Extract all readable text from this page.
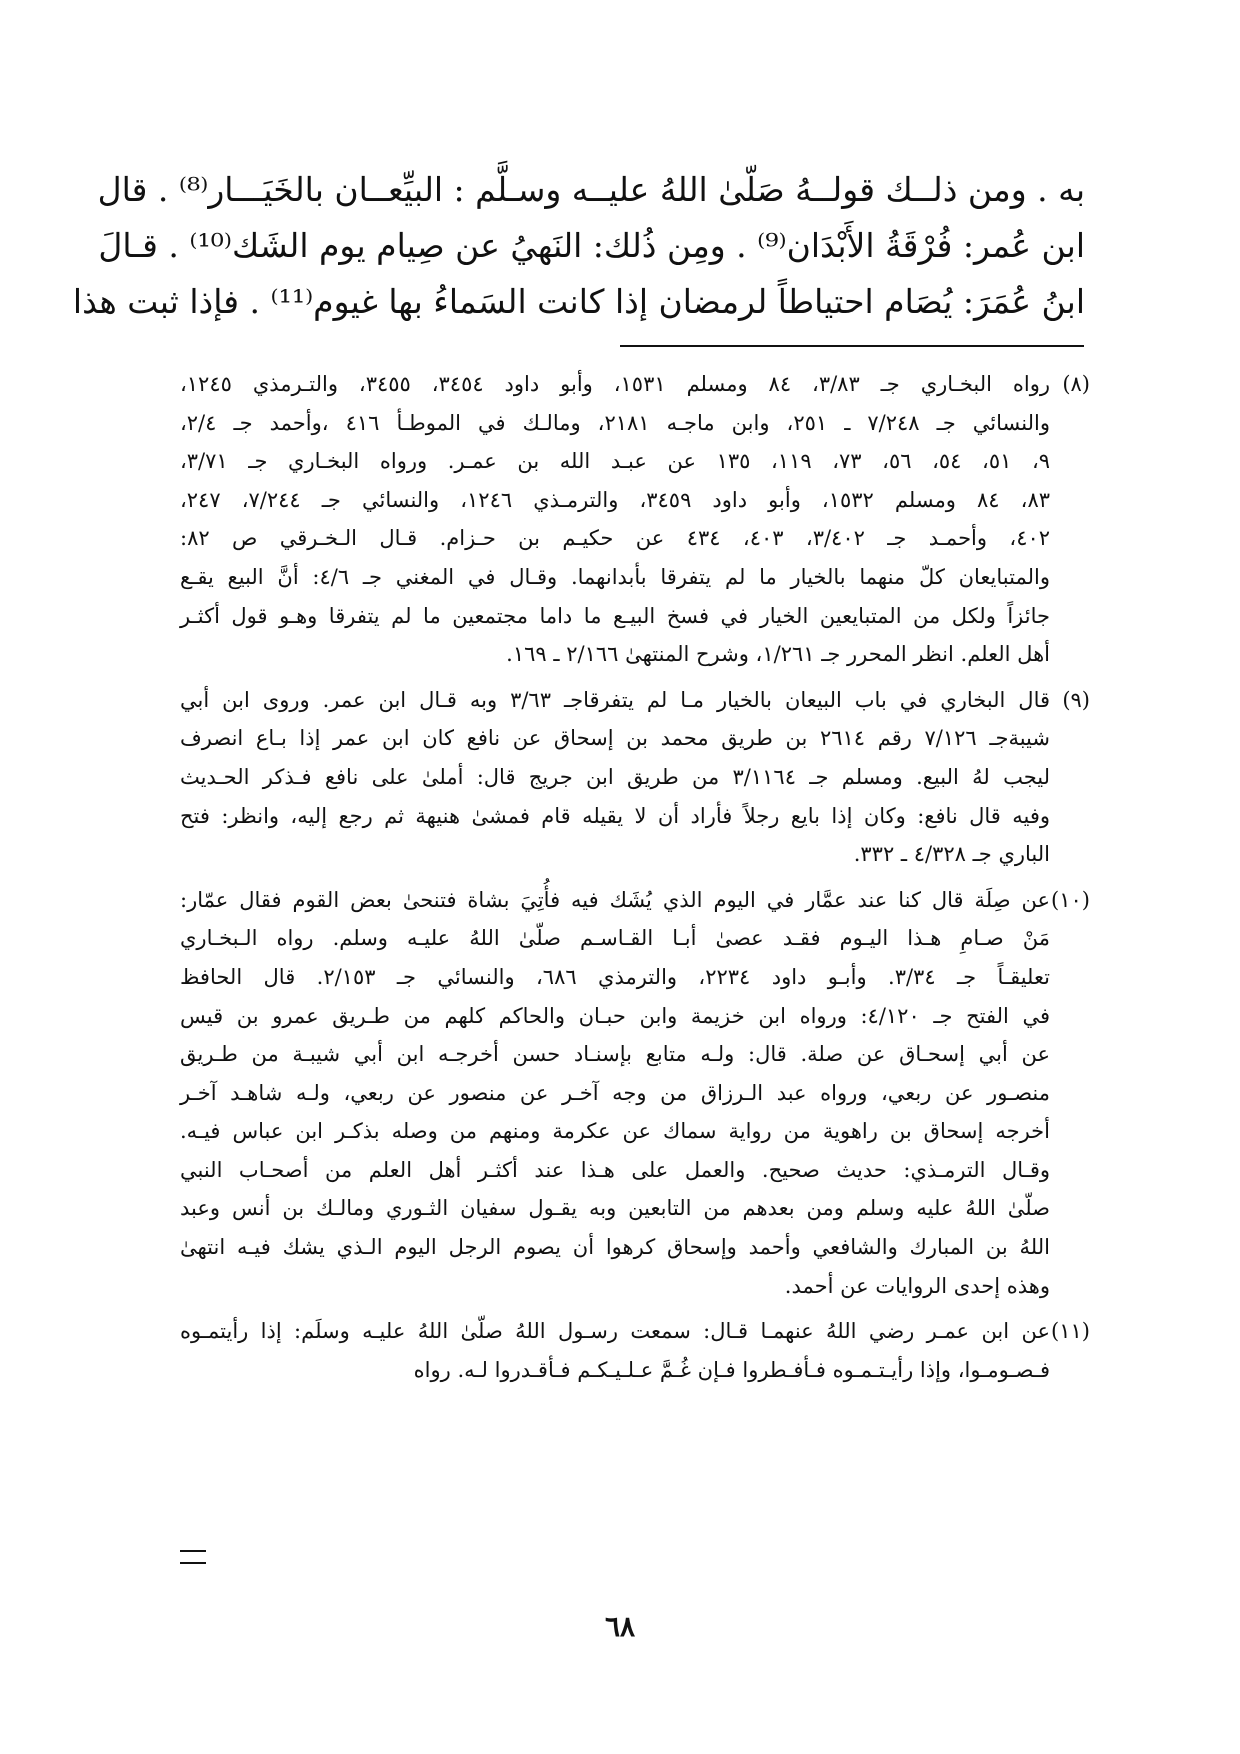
به . ومن ذلــك قولــهُ صَلّىٰ اللهُ عليــه وسـلَّم : البيِّعــان بالخَيَـــار⁽⁸⁾ . قال
ابن عُمر: فُرْقَةُ الأَبْدَان⁽⁹⁾ . ومِن ذُلك: النَهيُ عن صِيام يوم الشَك⁽¹⁰⁾ . قـالَ
ابنُ عُمَرَ: يُصَام احتياطاً لرمضان إذا كانت السَماءُ بها غيوم⁽¹¹⁾ . فإذا ثبت هذا
(٨)
رواه البخـاري جـ ٣/٨٣، ٨٤ ومسلم ١٥٣١، وأبو داود ٣٤٥٤، ٣٤٥٥، والتـرمذي ١٢٤٥،
والنسائي جـ ٧/٢٤٨ ـ ٢٥١، وابن ماجـه ٢١٨١، ومالـك في الموطـأ ٤١٦ ،وأحمد جـ ٢/٤،
٩، ٥١، ٥٤، ٥٦، ٧٣، ١١٩، ١٣٥ عن عبـد الله بن عمـر. ورواه البخـاري جـ ٣/٧١،
٨٣، ٨٤ ومسلم ١٥٣٢، وأبو داود ٣٤٥٩، والترمـذي ١٢٤٦، والنسائي جـ ٧/٢٤٤، ٢٤٧،
٤٠٢، وأحمـد جـ ٣/٤٠٢، ٤٠٣، ٤٣٤ عن حكيـم بن حـزام. قـال الـخـرقي ص ٨٢:
والمتبايعان كلّ منهما بالخيار ما لم يتفرقا بأبدانهما. وقـال في المغني جـ ٤/٦: أنَّ البيع يقـع
جائزاً ولكل من المتبايعين الخيار في فسخ البيـع ما داما مجتمعين ما لم يتفرقا وهـو قول أكثـر
أهل العلم. انظر المحرر جـ ١/٢٦١، وشرح المنتهىٰ ٢/١٦٦ ـ ١٦٩.
(٩)
قال البخاري في باب البيعان بالخيار مـا لم يتفرقاجـ ٣/٦٣ وبه قـال ابن عمر. وروى ابن أبي
شيبةجـ ٧/١٢٦ رقم ٢٦١٤ بن طريق محمد بن إسحاق عن نافع كان ابن عمر إذا بـاع انصرف
ليجب لهُ البيع. ومسلم جـ ٣/١١٦٤ من طريق ابن جريج قال: أملىٰ على نافع فـذكر الحـديث
وفيه قال نافع: وكان إذا بايع رجلاً فأراد أن لا يقيله قام فمشىٰ هنيهة ثم رجع إليه، وانظر: فتح
الباري جـ ٤/٣٢٨ ـ ٣٣٢.
(١٠)
عن صِلَة قال كنا عند عمَّار في اليوم الذي يُشَك فيه فأُتِيَ بشاة فتنحىٰ بعض القوم فقال عمّار:
مَنْ صـامِ هـذا اليـوم فقـد عصىٰ أبـا القـاسـم صلّىٰ اللهُ عليـه وسلم. رواه الـبخـاري
تعليقـاً جـ ٣/٣٤. وأبـو داود ٢٢٣٤، والترمذي ٦٨٦، والنسائي جـ ٢/١٥٣. قال الحافظ
في الفتح جـ ٤/١٢٠: ورواه ابن خزيمة وابن حبـان والحاكم كلهم من طـريق عمرو بن قيس
عن أبي إسحـاق عن صلة. قال: ولـه متابع بإسنـاد حسن أخرجـه ابن أبي شيبـة من طـريق
منصـور عن ربعي، ورواه عبد الـرزاق من وجه آخـر عن منصور عن ربعي، ولـه شاهـد آخـر
أخرجه إسحاق بن راهوية من رواية سماك عن عكرمة ومنهم من وصله بذكـر ابن عباس فيـه.
وقـال الترمـذي: حديث صحيح. والعمل على هـذا عند أكثـر أهل العلم من أصحـاب النبي
صلّىٰ اللهُ عليه وسلم ومن بعدهم من التابعين وبه يقـول سفيان الثـوري ومالـك بن أنس وعبد
اللهُ بن المبارك والشافعي وأحمد وإسحاق كرهوا أن يصوم الرجل اليوم الـذي يشك فيـه انتهىٰ
وهذه إحدى الروايات عن أحمد.
(١١)
عن ابن عمـر رضي اللهُ عنهمـا قـال: سمعت رسـول اللهُ صلّىٰ اللهُ عليـه وسلَم: إذا رأيتمـوه
فـصـومـوا، وإذا رأيـتـمـوه فـأفـطروا فـإن غُـمَّ عـلـيـكـم فـأقـدروا لـه. رواه
٦٨
